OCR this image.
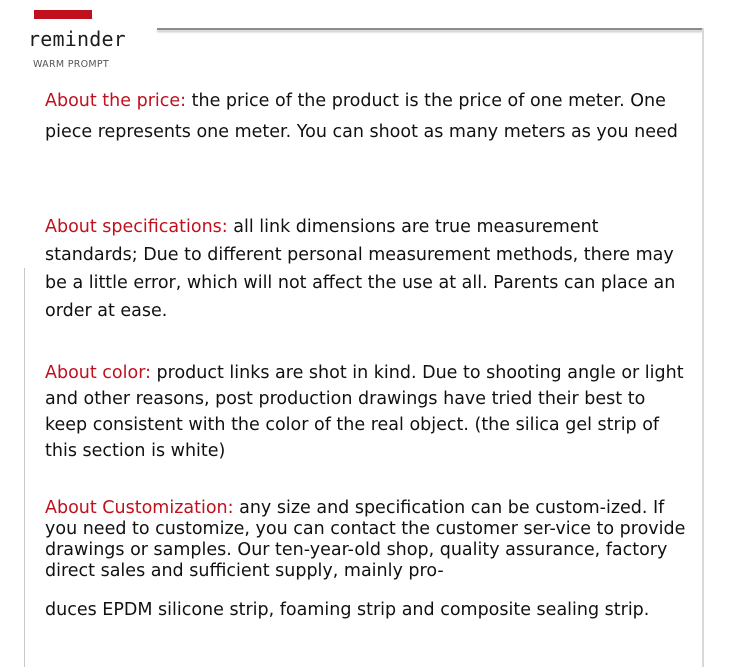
reminder
WARM PROMPT

About the price: the price of the product is the price of one meter. One piece represents one meter. You can shoot as many meters as you need

About specifications: all link dimensions are true measurement standards; Due to different personal measurement methods, there may be a little error, which will not affect the use at all. Parents can place an order at ease.

About color: product links are shot in kind. Due to shooting angle or light and other reasons, post production drawings have tried their best to keep consistent with the color of the real object. (the silica gel strip of this section is white)

About Customization: any size and specification can be custom-ized. If you need to customize, you can contact the customer ser-vice to provide drawings or samples. Our ten-year-old shop, quality assurance, factory direct sales and sufficient supply, mainly pro-

duces EPDM silicone strip, foaming strip and composite sealing strip.
